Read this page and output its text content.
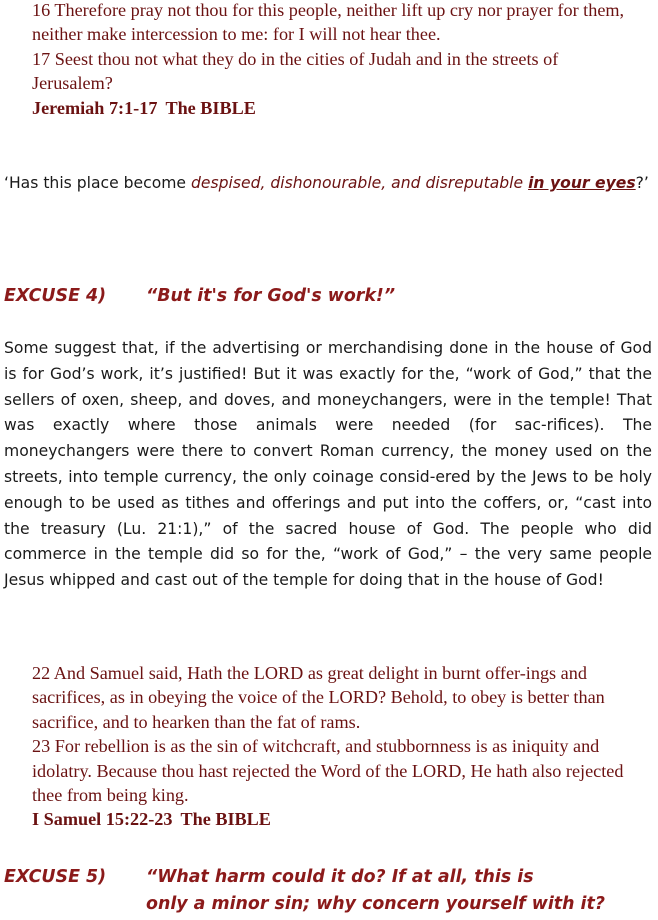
16 Therefore pray not thou for this people, neither lift up cry nor prayer for them, neither make intercession to me: for I will not hear thee.

17 Seest thou not what they do in the cities of Judah and in the streets of Jerusalem?

Jeremiah 7:1-17 The BIBLE

‘Has this place become despised, dishonourable, and disreputable in your eyes?’

EXCUSE 4) “But it's for God's work!”

Some suggest that, if the advertising or merchandising done in the house of God is for God’s work, it’s justified! But it was exactly for the, “work of God,” that the sellers of oxen, sheep, and doves, and moneychangers, were in the temple! That was exactly where those animals were needed (for sac-rifices). The moneychangers were there to convert Roman currency, the money used on the streets, into temple currency, the only coinage consid-ered by the Jews to be holy enough to be used as tithes and offerings and put into the coffers, or, “cast into the treasury (Lu. 21:1),” of the sacred house of God. The people who did commerce in the temple did so for the, “work of God,” – the very same people Jesus whipped and cast out of the temple for doing that in the house of God!

22 And Samuel said, Hath the LORD as great delight in burnt offer-ings and sacrifices, as in obeying the voice of the LORD? Behold, to obey is better than sacrifice, and to hearken than the fat of rams.

23 For rebellion is as the sin of witchcraft, and stubbornness is as iniquity and idolatry. Because thou hast rejected the Word of the LORD, He hath also rejected thee from being king.

I Samuel 15:22-23 The BIBLE

EXCUSE 5) “What harm could it do? If at all, this is
only a minor sin; why concern yourself with it?
